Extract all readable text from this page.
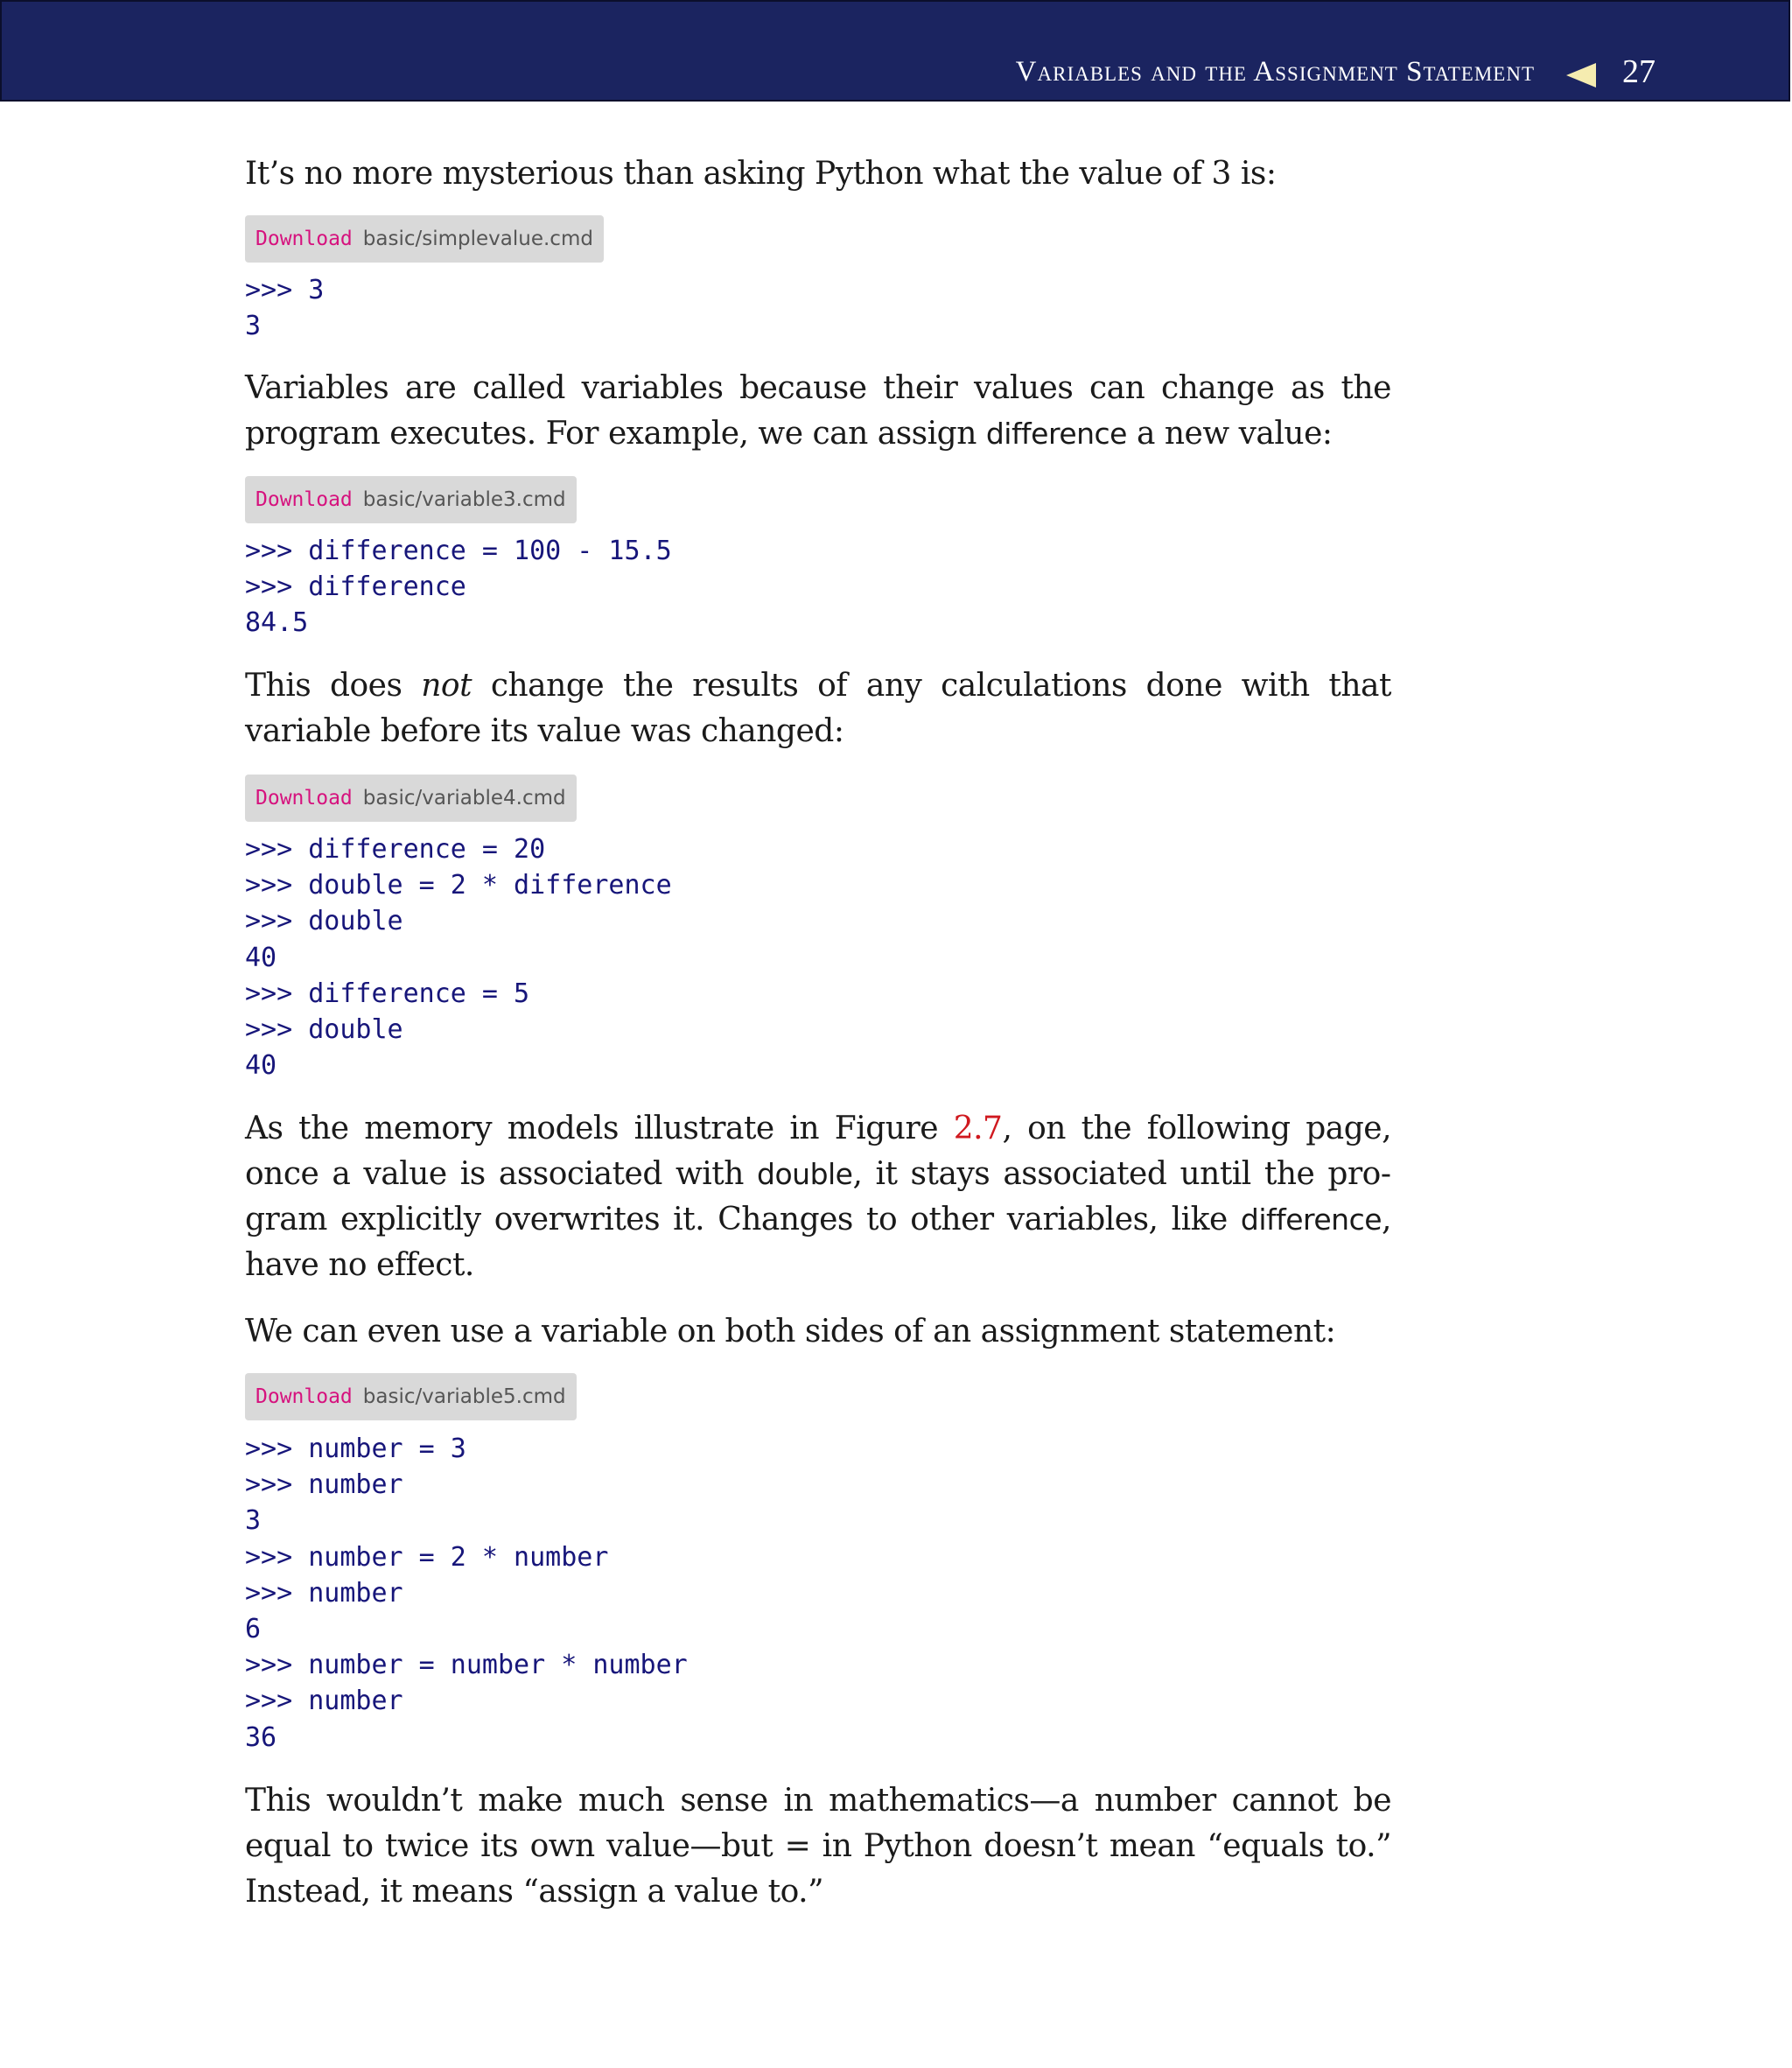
Variables and the Assignment Statement	27

It’s no more mysterious than asking Python what the value of 3 is:

Download basic/simplevalue.cmd
>>> 3
3

Variables are called variables because their values can change as the program executes. For example, we can assign difference a new value:

Download basic/variable3.cmd
>>> difference = 100 - 15.5
>>> difference
84.5

This does not change the results of any calculations done with that variable before its value was changed:

Download basic/variable4.cmd
>>> difference = 20
>>> double = 2 * difference
>>> double
40
>>> difference = 5
>>> double
40

As the memory models illustrate in Figure 2.7, on the following page, once a value is associated with double, it stays associated until the program explicitly overwrites it. Changes to other variables, like difference, have no effect.

We can even use a variable on both sides of an assignment statement:

Download basic/variable5.cmd
>>> number = 3
>>> number
3
>>> number = 2 * number
>>> number
6
>>> number = number * number
>>> number
36

This wouldn’t make much sense in mathematics—a number cannot be equal to twice its own value—but = in Python doesn’t mean “equals to.” Instead, it means “assign a value to.”
